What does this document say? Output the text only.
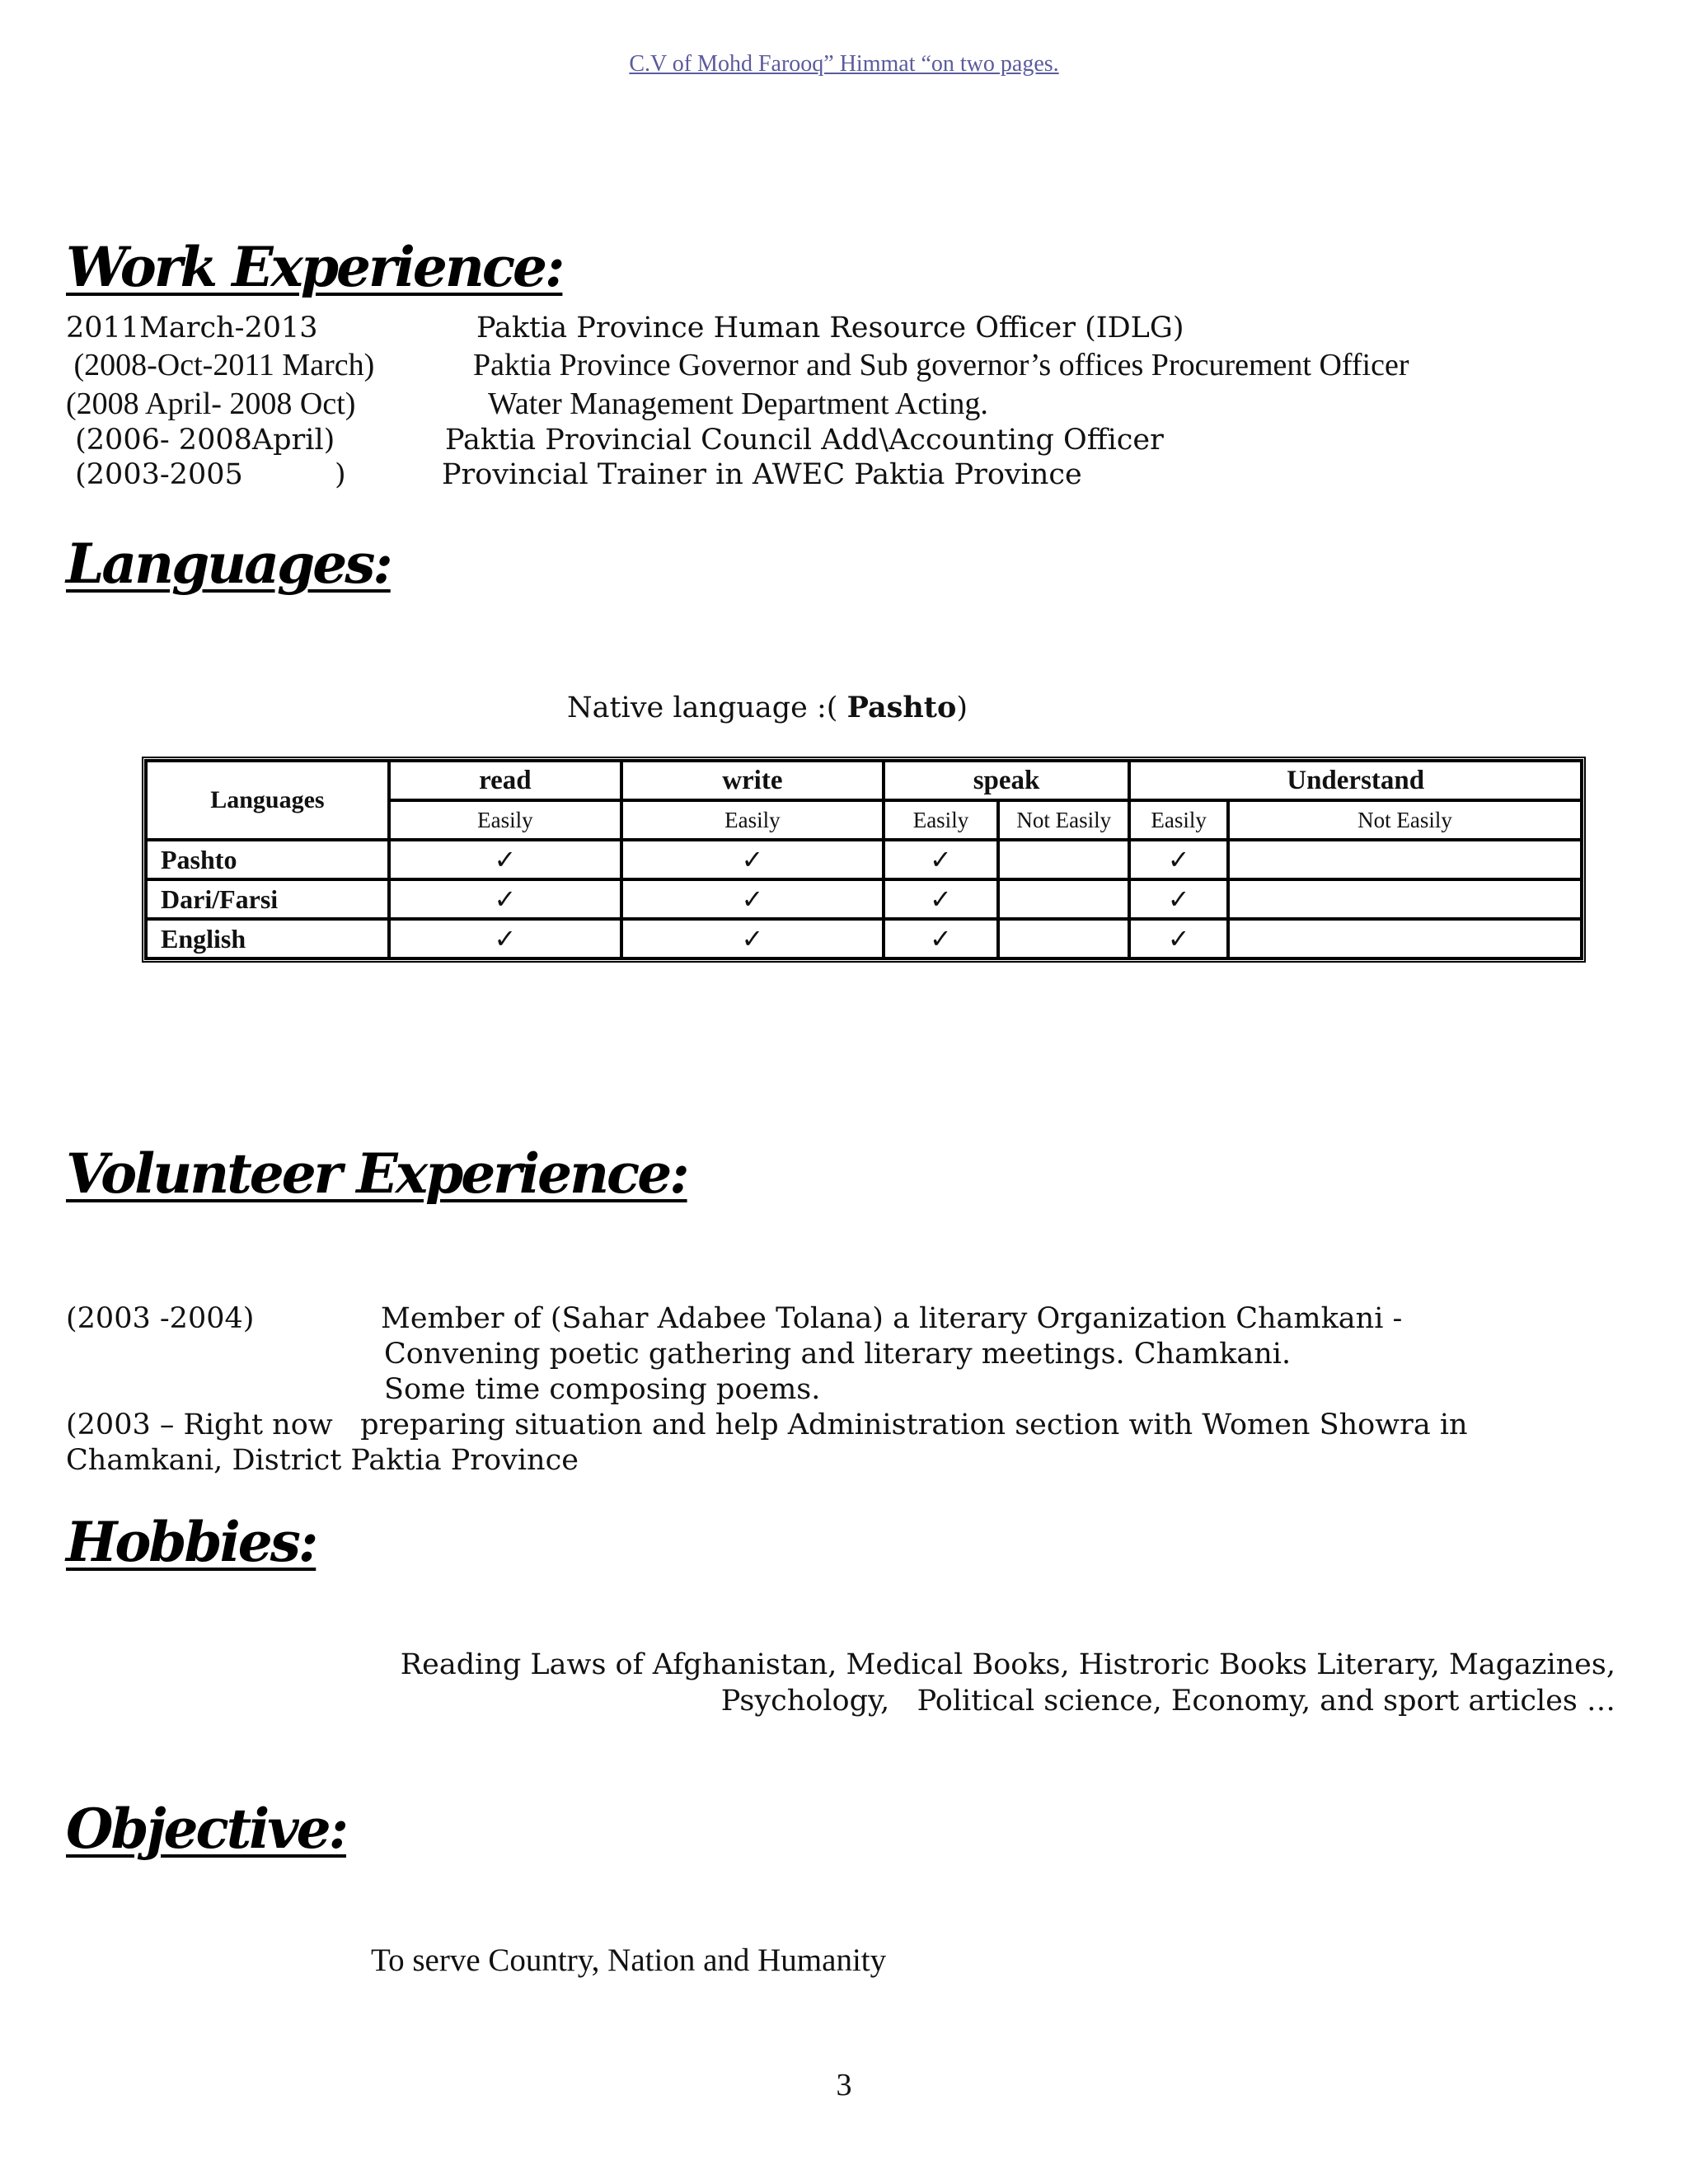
C.V of Mohd Farooq” Himmat “on two pages.
Work Experience:
2011March-2013	Paktia Province Human Resource Officer (IDLG)
(2008-Oct-2011 March)	Paktia Province Governor and Sub governor’s offices Procurement Officer
(2008 April- 2008 Oct)	Water Management Department Acting.
(2006- 2008April)	Paktia Provincial Council Add\Accounting Officer
(2003-2005          )	Provincial Trainer in AWEC Paktia Province
Languages:
Native language :( Pashto)
Languages	read	write	speak		Understand	
	Easily	Easily	Easily	Not Easily	Easily	Not Easily
Pashto	✓	✓	✓		✓	
Dari/Farsi	✓	✓	✓		✓	
English	✓	✓	✓		✓	
Volunteer Experience:
(2003 -2004)	Member of (Sahar Adabee Tolana) a literary Organization Chamkani -
Convening poetic gathering and literary meetings. Chamkani.
Some time composing poems.
(2003 – Right now   preparing situation and help Administration section with Women Showra in
Chamkani, District Paktia Province
Hobbies:
Reading Laws of Afghanistan, Medical Books, Histroric Books Literary, Magazines,
Psychology,   Political science, Economy, and sport articles …
Objective:
To serve Country, Nation and Humanity
3
